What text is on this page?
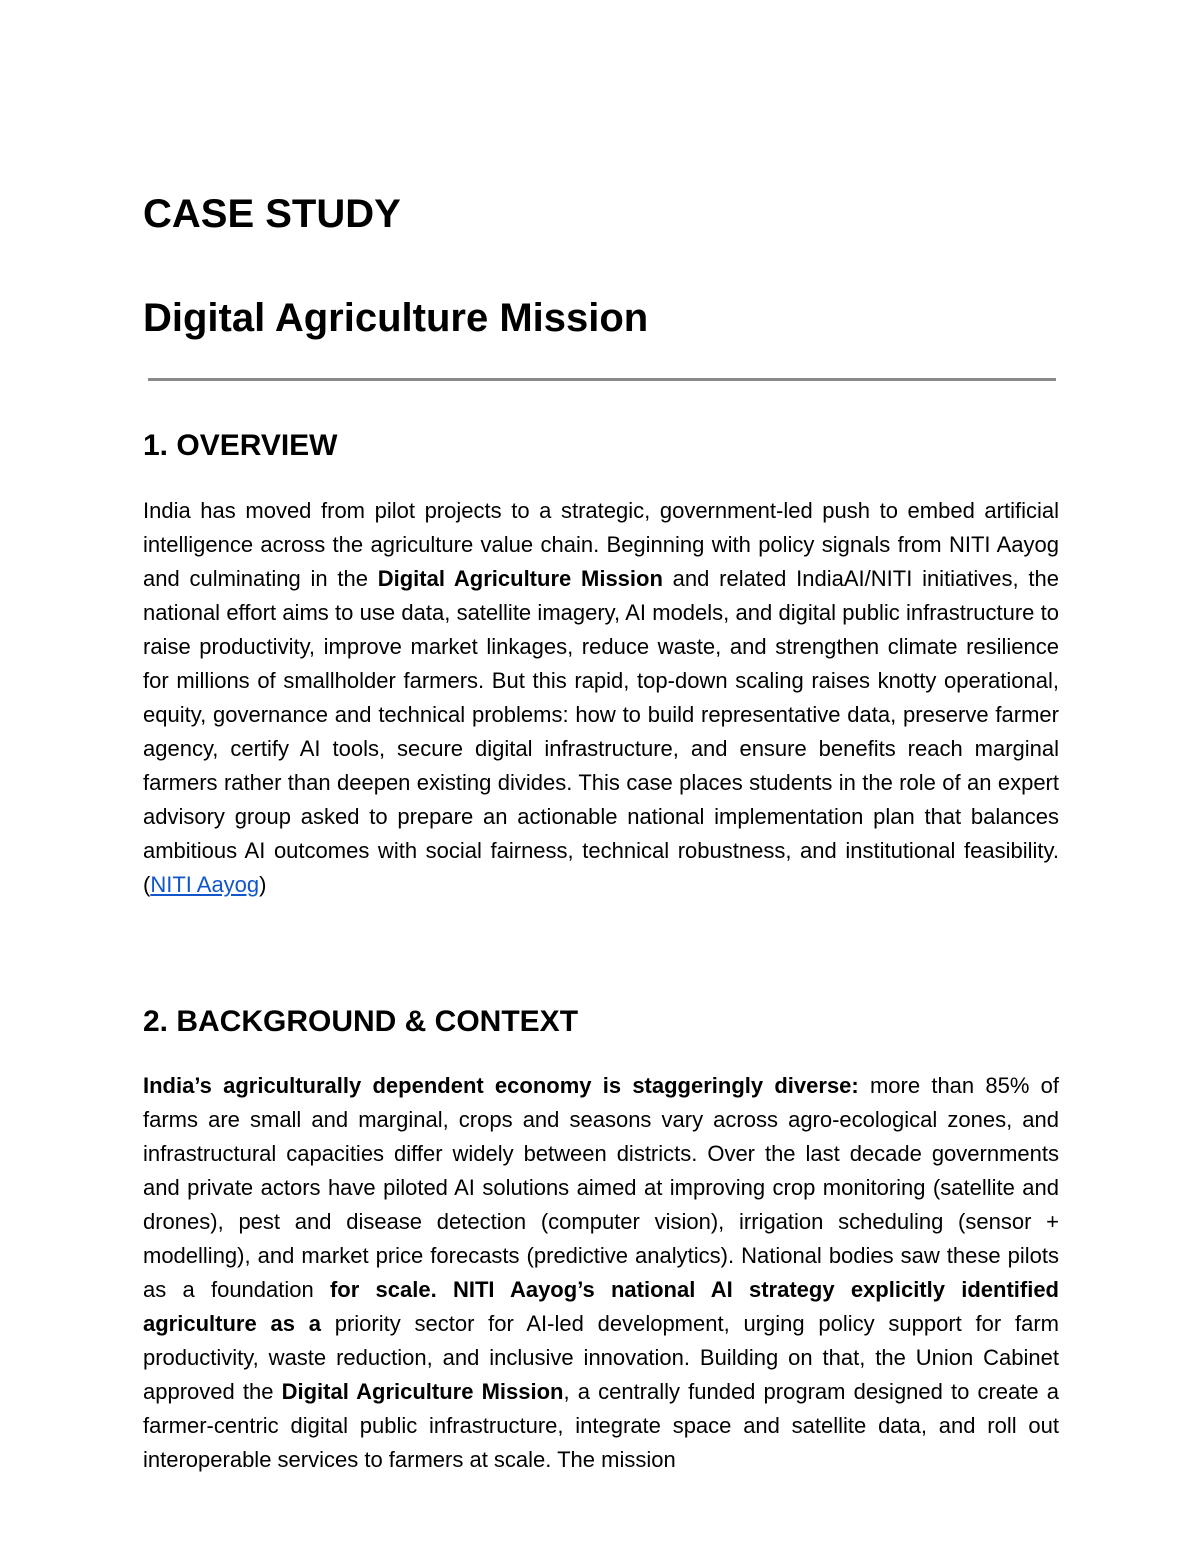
CASE STUDY
Digital Agriculture Mission
1. OVERVIEW

India has moved from pilot projects to a strategic, government-led push to embed artificial intelligence across the agriculture value chain. Beginning with policy signals from NITI Aayog and culminating in the Digital Agriculture Mission and related IndiaAI/NITI initiatives, the national effort aims to use data, satellite imagery, AI models, and digital public infrastructure to raise productivity, improve market linkages, reduce waste, and strengthen climate resilience for millions of smallholder farmers. But this rapid, top-down scaling raises knotty operational, equity, governance and technical problems: how to build representative data, preserve farmer agency, certify AI tools, secure digital infrastructure, and ensure benefits reach marginal farmers rather than deepen existing divides. This case places students in the role of an expert advisory group asked to prepare an actionable national implementation plan that balances ambitious AI outcomes with social fairness, technical robustness, and institutional feasibility. (NITI Aayog)

2. BACKGROUND & CONTEXT

India’s agriculturally dependent economy is staggeringly diverse: more than 85% of farms are small and marginal, crops and seasons vary across agro-ecological zones, and infrastructural capacities differ widely between districts. Over the last decade governments and private actors have piloted AI solutions aimed at improving crop monitoring (satellite and drones), pest and disease detection (computer vision), irrigation scheduling (sensor + modelling), and market price forecasts (predictive analytics). National bodies saw these pilots as a foundation for scale. NITI Aayog’s national AI strategy explicitly identified agriculture as a priority sector for AI-led development, urging policy support for farm productivity, waste reduction, and inclusive innovation. Building on that, the Union Cabinet approved the Digital Agriculture Mission, a centrally funded program designed to create a farmer-centric digital public infrastructure, integrate space and satellite data, and roll out interoperable services to farmers at scale. The mission
